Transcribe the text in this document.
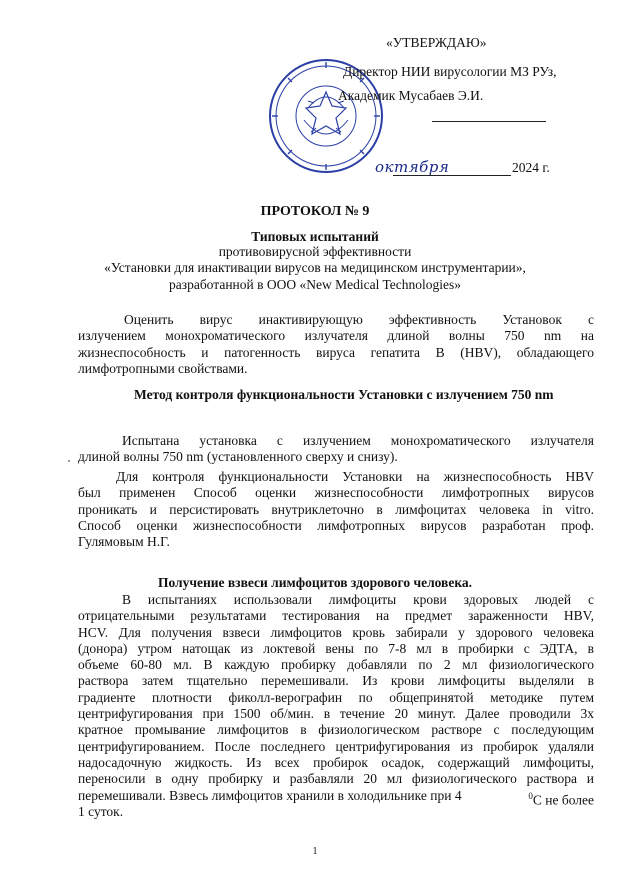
«УТВЕРЖДАЮ»
Директор НИИ вирусологии МЗ РУз,
Академик Мусабаев Э.И.
октября	2024 г.
ПРОТОКОЛ № 9
Типовых испытаний
противовирусной эффективности
«Установки для инактивации вирусов на медицинском инструментарии»,
разработанной в ООО «New Medical Technologies»
Оценить вирус инактивирующую эффективность Установок с
излучением монохроматического излучателя длиной волны 750 nm на
жизнеспособность и патогенность вируса гепатита В (HBV), обладающего
лимфотропными свойствами.
Метод контроля функциональности Установки с излучением 750 nm
Испытана установка с излучением монохроматического излучателя
длиной волны 750 nm (установленного сверху и снизу).
Для контроля функциональности Установки на жизнеспособность HBV
был применен Способ оценки жизнеспособности лимфотропных вирусов
проникать и персистировать внутриклеточно в лимфоцитах человека in vitro.
Способ оценки жизнеспособности лимфотропных вирусов разработан проф.
Гулямовым Н.Г.
Получение взвеси лимфоцитов здорового человека.
В испытаниях использовали лимфоциты крови здоровых людей с
отрицательными результатами тестирования на предмет зараженности HBV,
HCV. Для получения взвеси лимфоцитов кровь забирали у здорового человека
(донора) утром натощак из локтевой вены по 7-8 мл в пробирки с ЭДТА, в
объеме 60-80 мл. В каждую пробирку добавляли по 2 мл физиологического
раствора затем тщательно перемешивали. Из крови лимфоциты выделяли в
градиенте плотности фиколл-верографин по общепринятой методике путем
центрифугирования при 1500 об/мин. в течение 20 минут. Далее проводили 3х
кратное промывание лимфоцитов в физиологическом растворе с последующим
центрифугированием. После последнего центрифугирования из пробирок удаляли
надосадочную жидкость. Из всех пробирок осадок, содержащий лимфоциты,
переносили в одну пробирку и разбавляли 20 мл физиологического раствора и
перемешивали. Взвесь лимфоцитов хранили в холодильнике при 4	$^0$С не более
1 суток.
1
